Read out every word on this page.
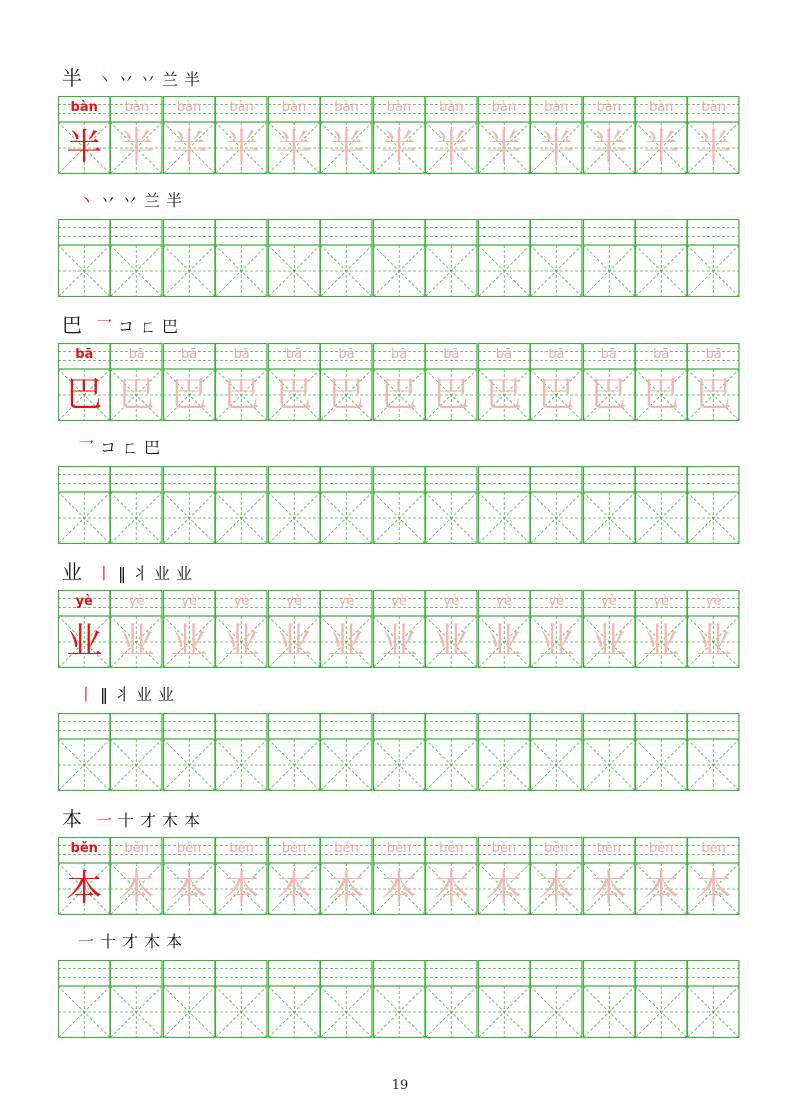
半 丶 丷 丷 兰 半
bàn
半
bàn
半
bàn
半
bàn
半
bàn
半
bàn
半
bàn
半
bàn
半
bàn
半
bàn
半
bàn
半
bàn
半
bàn
半
丶 丷 丷 兰 半
巴 乛 コ ㄈ 巴
bā
巴
bā
巴
bā
巴
bā
巴
bā
巴
bā
巴
bā
巴
bā
巴
bā
巴
bā
巴
bā
巴
bā
巴
bā
巴
乛 コ ㄈ 巴
业 丨 ‖ 丬 业 业
yè
业
yè
业
yè
业
yè
业
yè
业
yè
业
yè
业
yè
业
yè
业
yè
业
yè
业
yè
业
yè
业
丨 ‖ 丬 业 业
本 一 十 才 木 本
běn
本
běn
本
běn
本
běn
本
běn
本
běn
本
běn
本
běn
本
běn
本
běn
本
běn
本
běn
本
běn
本
一 十 才 木 本
19
